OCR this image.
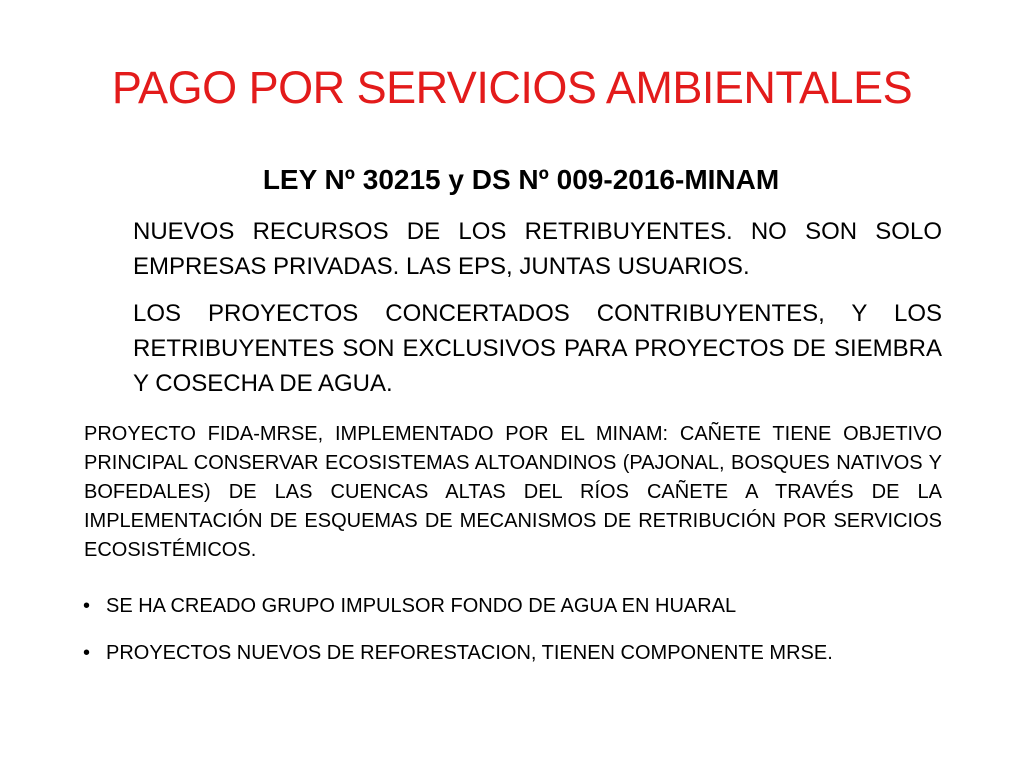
PAGO POR SERVICIOS AMBIENTALES
LEY Nº 30215 y DS Nº 009-2016-MINAM

NUEVOS RECURSOS DE LOS RETRIBUYENTES. NO SON SOLO EMPRESAS PRIVADAS. LAS EPS, JUNTAS USUARIOS.

LOS PROYECTOS CONCERTADOS CONTRIBUYENTES, Y LOS RETRIBUYENTES SON EXCLUSIVOS PARA PROYECTOS DE SIEMBRA Y COSECHA DE AGUA.

PROYECTO FIDA-MRSE, IMPLEMENTADO POR EL MINAM: CAÑETE TIENE OBJETIVO PRINCIPAL CONSERVAR ECOSISTEMAS ALTOANDINOS (PAJONAL, BOSQUES NATIVOS Y BOFEDALES) DE LAS CUENCAS ALTAS DEL RÍOS CAÑETE A TRAVÉS DE LA IMPLEMENTACIÓN DE ESQUEMAS DE MECANISMOS DE RETRIBUCIÓN POR SERVICIOS ECOSISTÉMICOS.

• SE HA CREADO GRUPO IMPULSOR FONDO DE AGUA EN HUARAL
• PROYECTOS NUEVOS DE REFORESTACION, TIENEN COMPONENTE MRSE.
